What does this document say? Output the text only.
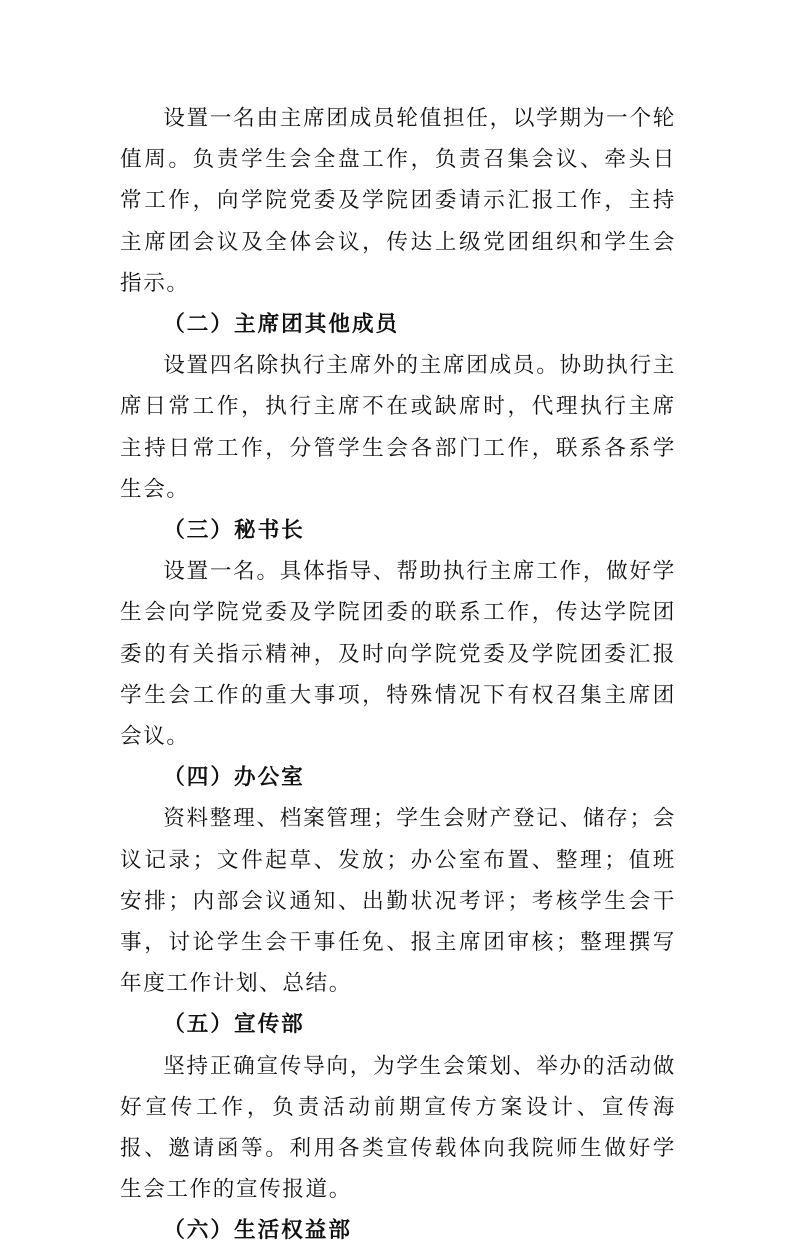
设置一名由主席团成员轮值担任，以学期为一个轮值周。负责学生会全盘工作，负责召集会议、牵头日常工作，向学院党委及学院团委请示汇报工作，主持主席团会议及全体会议，传达上级党团组织和学生会指示。

（二）主席团其他成员

设置四名除执行主席外的主席团成员。协助执行主席日常工作，执行主席不在或缺席时，代理执行主席主持日常工作，分管学生会各部门工作，联系各系学生会。

（三）秘书长

设置一名。具体指导、帮助执行主席工作，做好学生会向学院党委及学院团委的联系工作，传达学院团委的有关指示精神，及时向学院党委及学院团委汇报学生会工作的重大事项，特殊情况下有权召集主席团会议。

（四）办公室

资料整理、档案管理；学生会财产登记、储存；会议记录；文件起草、发放；办公室布置、整理；值班安排；内部会议通知、出勤状况考评；考核学生会干事，讨论学生会干事任免、报主席团审核；整理撰写年度工作计划、总结。

（五）宣传部

坚持正确宣传导向，为学生会策划、举办的活动做好宣传工作，负责活动前期宣传方案设计、宣传海报、邀请函等。利用各类宣传载体向我院师生做好学生会工作的宣传报道。

（六）生活权益部
